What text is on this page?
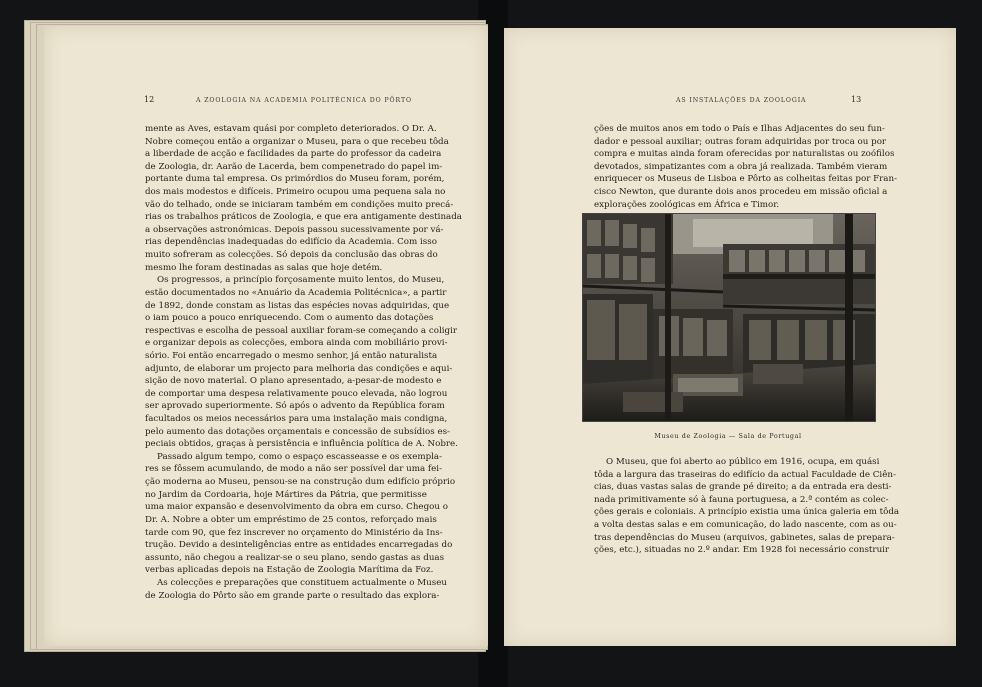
12	A ZOOLOGIA NA ACADEMIA POLITÉCNICA DO PÔRTO	AS INSTALAÇÕES DA ZOOLOGIA	13
mente as Aves, estavam quási por completo deteriorados. O Dr. A.
Nobre começou então a organizar o Museu, para o que recebeu tôda
a liberdade de acção e facilidades da parte do professor da cadeira
de Zoologia, dr. Aarão de Lacerda, bem compenetrado do papel im-
portante duma tal empresa. Os primórdios do Museu foram, porém,
dos mais modestos e difíceis. Primeiro ocupou uma pequena sala no
vão do telhado, onde se iniciaram também em condições muito precá-
rias os trabalhos práticos de Zoologia, e que era antigamente destinada
a observações astronómicas. Depois passou sucessivamente por vá-
rias dependências inadequadas do edifício da Academia. Com isso
muito sofreram as colecções. Só depois da conclusão das obras do
mesmo lhe foram destinadas as salas que hoje detém.
Os progressos, a princípio forçosamente muito lentos, do Museu,
estão documentados no «Anuário da Academia Politécnica», a partir
de 1892, donde constam as listas das espécies novas adquiridas, que
o iam pouco a pouco enriquecendo. Com o aumento das dotações
respectivas e escolha de pessoal auxiliar foram-se começando a coligir
e organizar depois as colecções, embora ainda com mobiliário provi-
sório. Foi então encarregado o mesmo senhor, já então naturalista
adjunto, de elaborar um projecto para melhoria das condições e aqui-
sição de novo material. O plano apresentado, a-pesar-de modesto e
de comportar uma despesa relativamente pouco elevada, não logrou
ser aprovado superiormente. Só após o advento da República foram
facultados os meios necessários para uma instalação mais condigna,
pelo aumento das dotações orçamentais e concessão de subsídios es-
peciais obtidos, graças à persistência e influência política de A. Nobre.
Passado algum tempo, como o espaço escasseasse e os exempla-
res se fôssem acumulando, de modo a não ser possível dar uma fei-
ção moderna ao Museu, pensou-se na construção dum edifício próprio
no Jardim da Cordoaria, hoje Mártires da Pátria, que permitisse
uma maior expansão e desenvolvimento da obra em curso. Chegou o
Dr. A. Nobre a obter um empréstimo de 25 contos, reforçado mais
tarde com 90, que fez inscrever no orçamento do Ministério da Ins-
trução. Devido a desinteligências entre as entidades encarregadas do
assunto, não chegou a realizar-se o seu plano, sendo gastas as duas
verbas aplicadas depois na Estação de Zoologia Marítima da Foz.
As colecções e preparações que constituem actualmente o Museu
de Zoologia do Pôrto são em grande parte o resultado das explora-
ções de muitos anos em todo o País e Ilhas Adjacentes do seu fun-
dador e pessoal auxiliar; outras foram adquiridas por troca ou por
compra e muitas ainda foram oferecidas por naturalistas ou zoófilos
devotados, simpatizantes com a obra já realizada. Também vieram
enriquecer os Museus de Lisboa e Pôrto as colheitas feitas por Fran-
cisco Newton, que durante dois anos procedeu em missão oficial a
explorações zoológicas em África e Timor.
Museu de Zoologia — Sala de Portugal
O Museu, que foi aberto ao público em 1916, ocupa, em quási
tôda a largura das traseiras do edifício da actual Faculdade de Ciên-
cias, duas vastas salas de grande pé direito; a da entrada era desti-
nada primitivamente só à fauna portuguesa, a 2.ª contém as colec-
ções gerais e coloniais. A princípio existia uma única galeria em tôda
a volta destas salas e em comunicação, do lado nascente, com as ou-
tras dependências do Museu (arquivos, gabinetes, salas de prepara-
ções, etc.), situadas no 2.º andar. Em 1928 foi necessário construir
